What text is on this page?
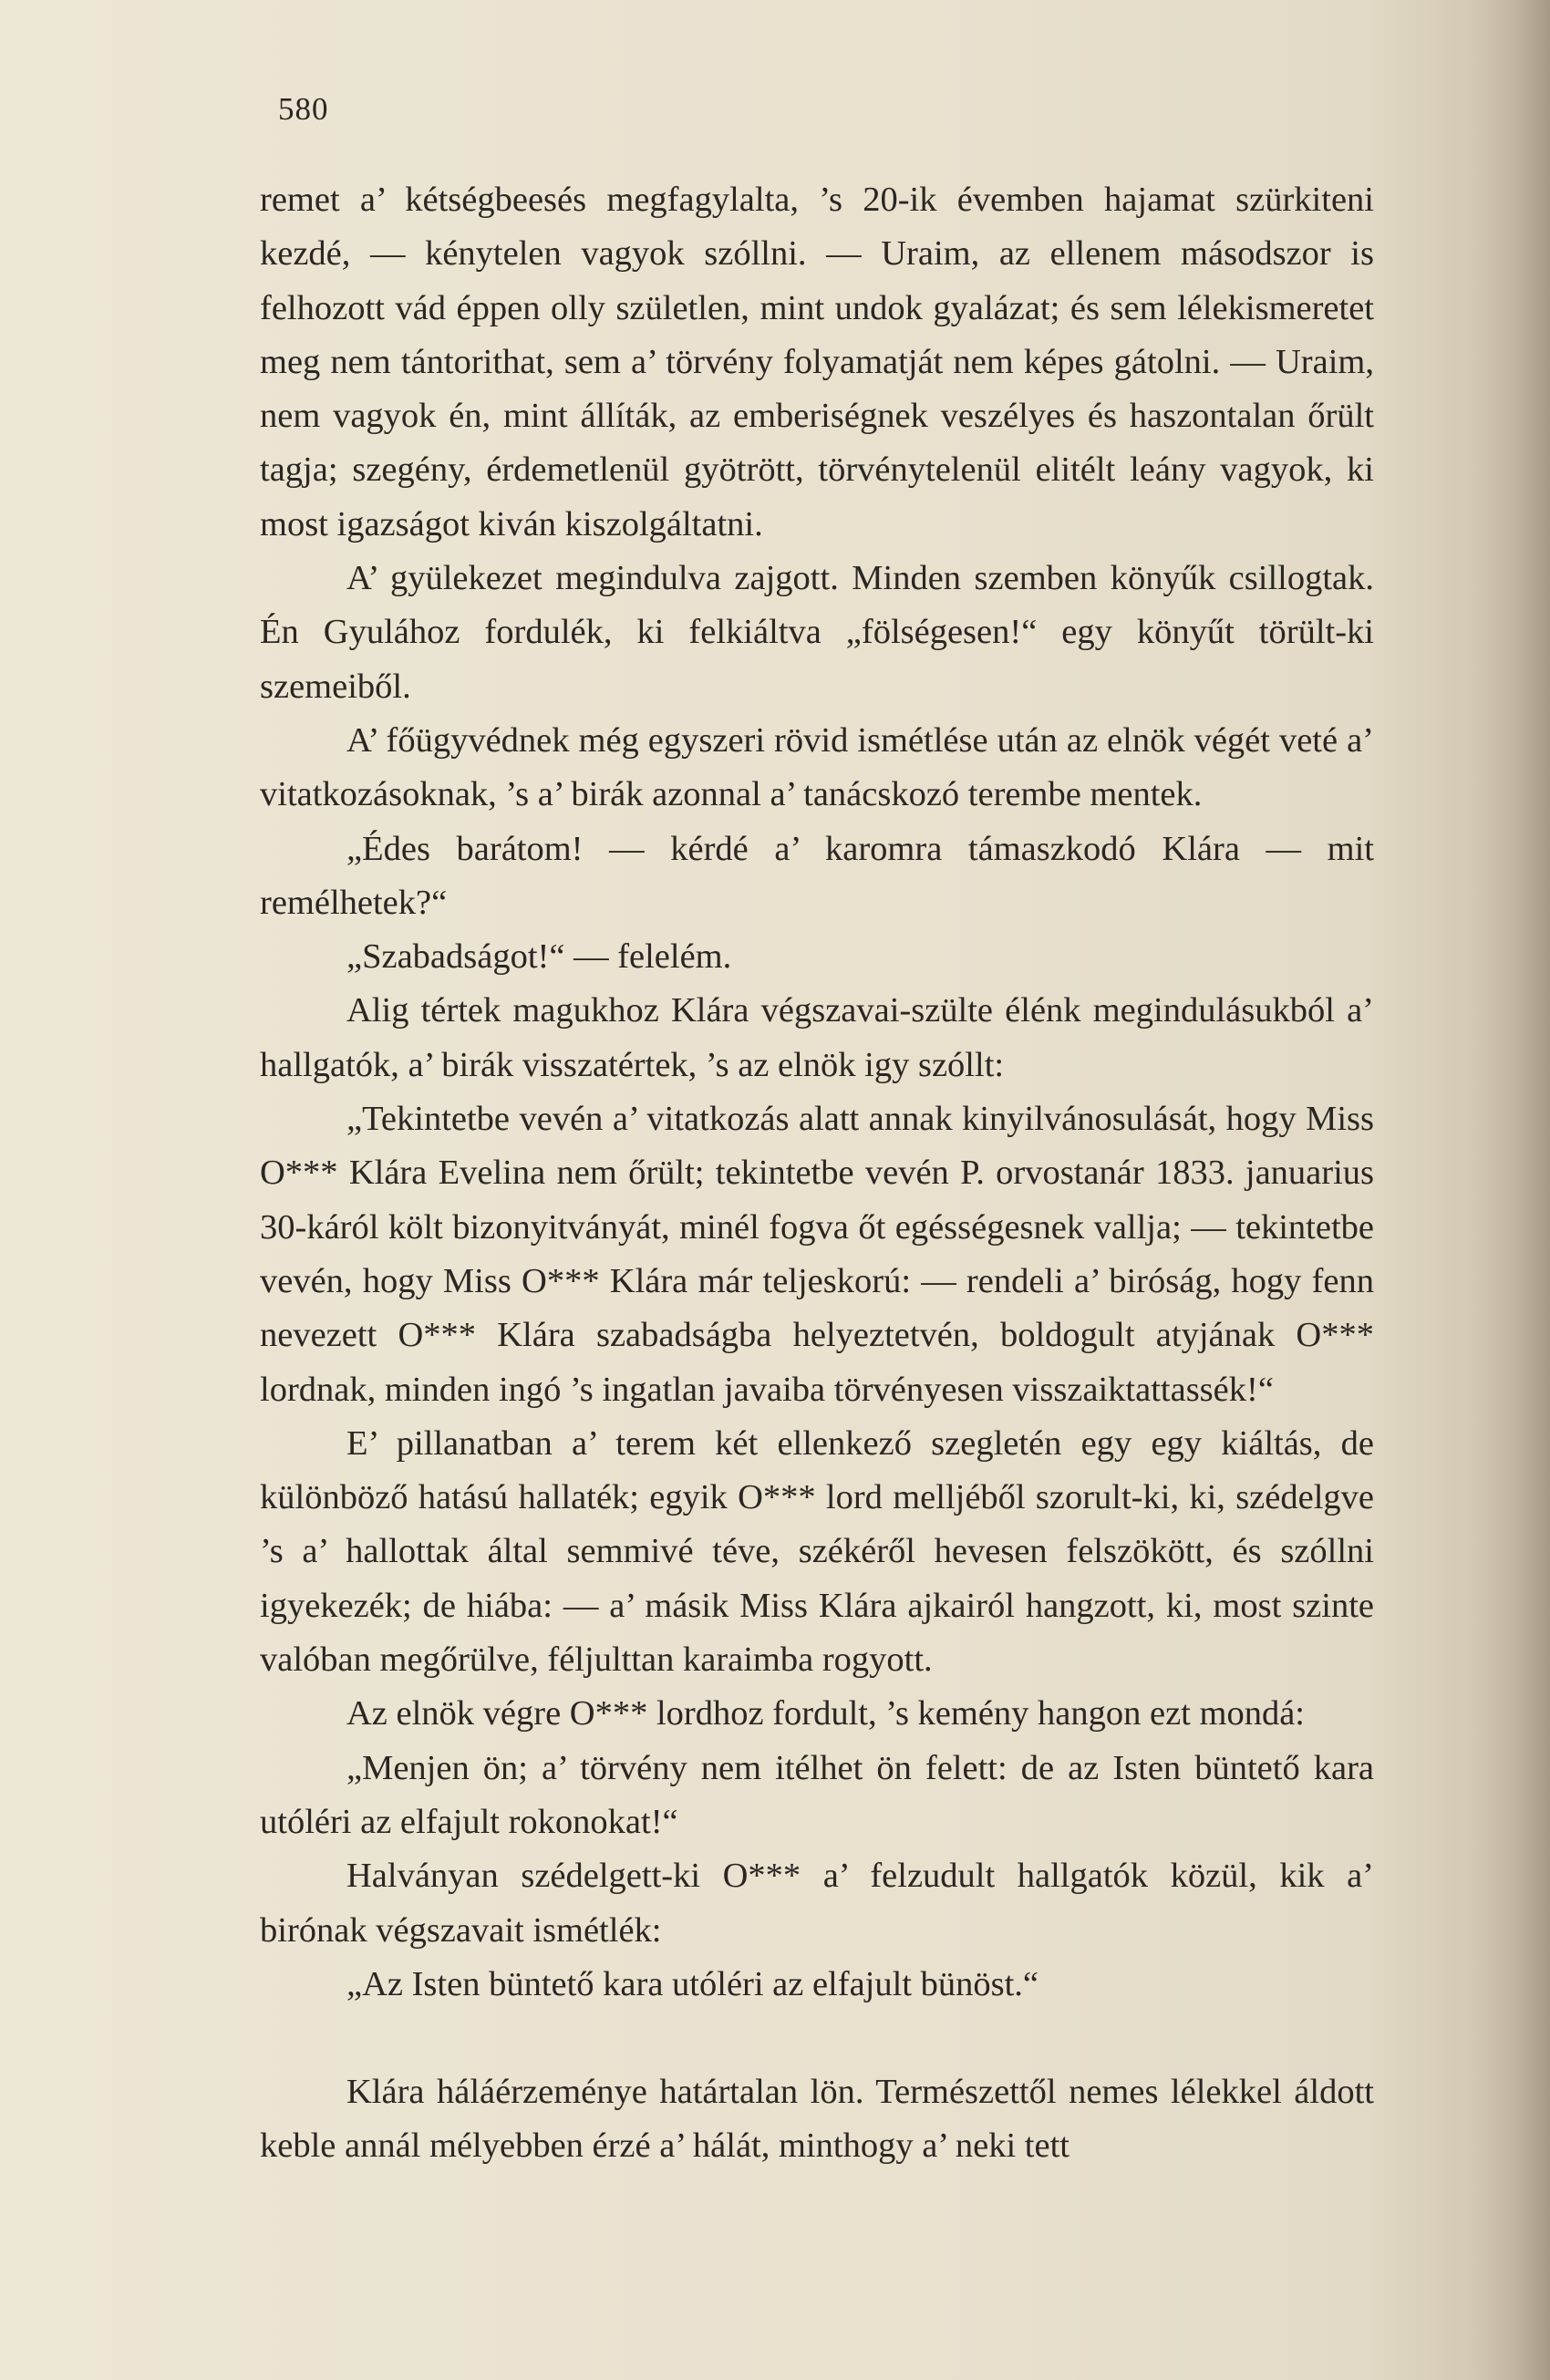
580

remet a’ kétségbeesés megfagylalta, ’s 20-ik évemben hajamat szürkiteni kezdé, — kénytelen vagyok szóllni. — Uraim, az ellenem másodszor is felhozott vád éppen olly születlen, mint undok gyalázat; és sem lélekismeretet meg nem tántorithat, sem a’ törvény folyamatját nem képes gátolni. — Uraim, nem vagyok én, mint állíták, az emberiségnek veszélyes és haszontalan őrült tagja; szegény, érdemetlenül gyötrött, törvénytelenül elitélt leány vagyok, ki most igazságot kiván kiszolgáltatni.

A’ gyülekezet megindulva zajgott. Minden szemben könyűk csillogtak. Én Gyulához fordulék, ki felkiáltva „fölségesen!“ egy könyűt törült-ki szemeiből.

A’ főügyvédnek még egyszeri rövid ismétlése után az elnök végét veté a’ vitatkozásoknak, ’s a’ birák azonnal a’ tanácskozó terembe mentek.

„Édes barátom! — kérdé a’ karomra támaszkodó Klára — mit remélhetek?“

„Szabadságot!“ — felelém.

Alig tértek magukhoz Klára végszavai-szülte élénk megindulásukból a’ hallgatók, a’ birák visszatértek, ’s az elnök igy szóllt:

„Tekintetbe vevén a’ vitatkozás alatt annak kinyilvánosulását, hogy Miss O*** Klára Evelina nem őrült; tekintetbe vevén P. orvostanár 1833. januarius 30-káról költ bizonyitványát, minél fogva őt egésségesnek vallja; — tekintetbe vevén, hogy Miss O*** Klára már teljeskorú: — rendeli a’ biróság, hogy fenn nevezett O*** Klára szabadságba helyeztetvén, boldogult atyjának O*** lordnak, minden ingó ’s ingatlan javaiba törvényesen visszaiktattassék!“

E’ pillanatban a’ terem két ellenkező szegletén egy egy kiáltás, de különböző hatású hallaték; egyik O*** lord melljéből szorult-ki, ki, szédelgve ’s a’ hallottak által semmivé téve, székéről hevesen felszökött, és szóllni igyekezék; de hiába: — a’ másik Miss Klára ajkairól hangzott, ki, most szinte valóban megőrülve, féljulttan karaimba rogyott.

Az elnök végre O*** lordhoz fordult, ’s kemény hangon ezt mondá:

„Menjen ön; a’ törvény nem itélhet ön felett: de az Isten büntető kara utóléri az elfajult rokonokat!“

Halványan szédelgett-ki O*** a’ felzudult hallgatók közül, kik a’ birónak végszavait ismétlék:

„Az Isten büntető kara utóléri az elfajult bünöst.“

Klára háláérzeménye határtalan lön. Természettől nemes lélekkel áldott keble annál mélyebben érzé a’ hálát, minthogy a’ neki tett
